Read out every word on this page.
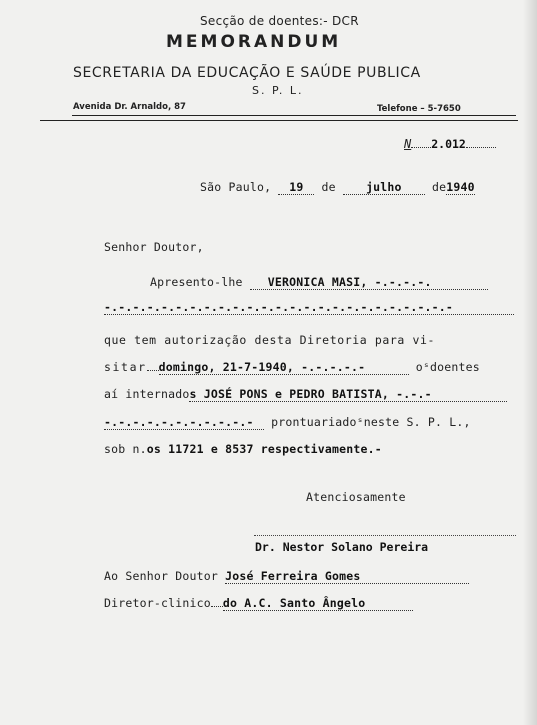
Secção de doentes:- DCR
MEMORANDUM
SECRETARIA DA EDUCAÇÃO E SAÚDE PUBLICA
S. P. L.
Avenida Dr. Arnaldo, 87	Telefone – 5-7650
N 2.012
São Paulo, 19 de	julho	de1940
Senhor Doutor,
Apresento-lhe VERONICA MASI, -.-.-.-.
-.-.-.-.-.-.-.-.-.-.-.-.-.-.-.-.-.-.-.-.-.-.-.-.-
que tem autorização desta Diretoria para vi-
sitar domingo, 21-7-1940, -.-.-.-.-	oˢdoentes
aí internados JOSÉ PONS e PEDRO BATISTA, -.-.-
-.-.-.-.-.-.-.-.-.-.- prontuariadoˢneste S. P. L.,
sob n.os 11721 e 8537 respectivamente.-
Atenciosamente
Dr. Nestor Solano Pereira
Ao Senhor Doutor José Ferreira Gomes
Diretor-clinico do A.C. Santo Ângelo
